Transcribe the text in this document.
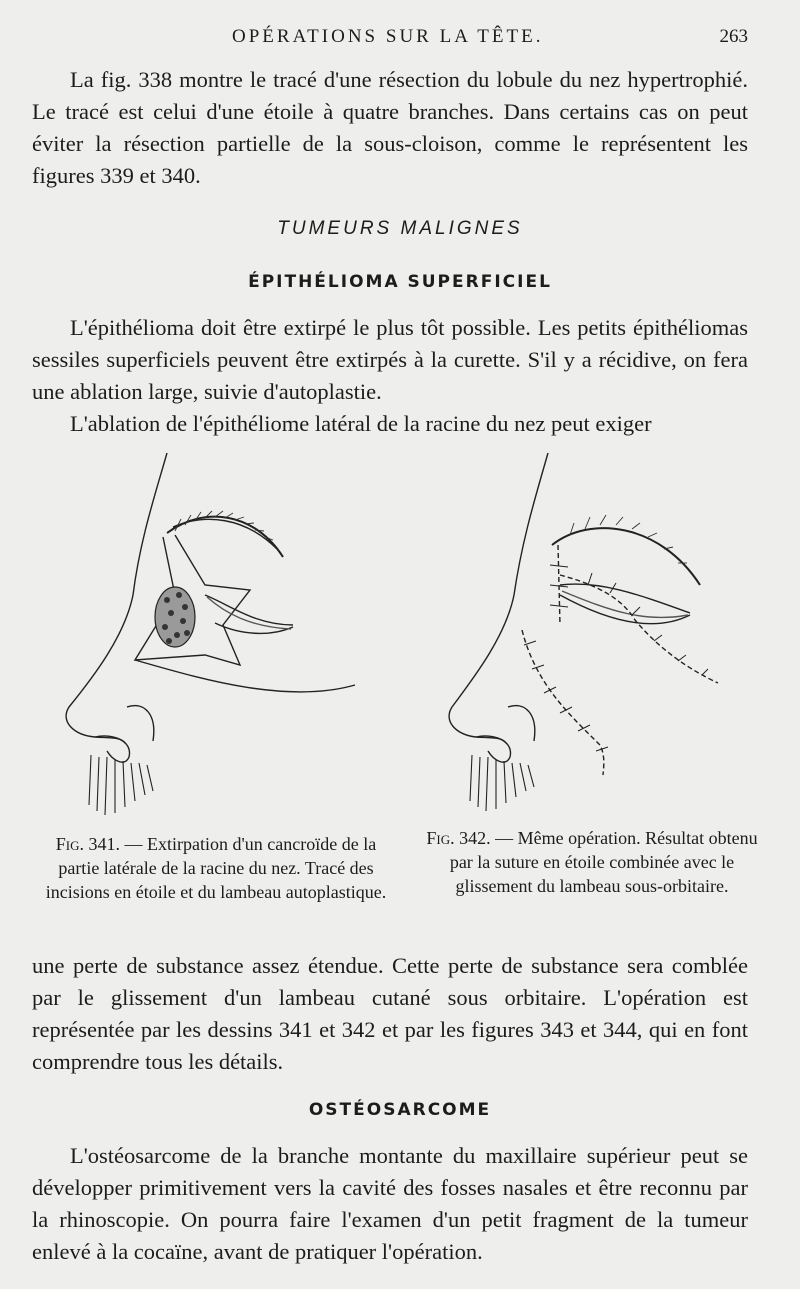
OPÉRATIONS SUR LA TÊTE.	263

La fig. 338 montre le tracé d'une résection du lobule du nez hypertrophié. Le tracé est celui d'une étoile à quatre branches. Dans certains cas on peut éviter la résection partielle de la sous-cloison, comme le représentent les figures 339 et 340.

TUMEURS MALIGNES
ÉPITHÉLIOMA SUPERFICIEL

L'épithélioma doit être extirpé le plus tôt possible. Les petits épithéliomas sessiles superficiels peuvent être extirpés à la curette. S'il y a récidive, on fera une ablation large, suivie d'autoplastie.

L'ablation de l'épithéliome latéral de la racine du nez peut exiger

Fig. 341. — Extirpation d'un cancroïde de la partie latérale de la racine du nez. Tracé des incisions en étoile et du lambeau autoplastique.
Fig. 342. — Même opération. Résultat obtenu par la suture en étoile combinée avec le glissement du lambeau sous-orbitaire.

une perte de substance assez étendue. Cette perte de substance sera comblée par le glissement d'un lambeau cutané sous orbitaire. L'opération est représentée par les dessins 341 et 342 et par les figures 343 et 344, qui en font comprendre tous les détails.

OSTÉOSARCOME

L'ostéosarcome de la branche montante du maxillaire supérieur peut se développer primitivement vers la cavité des fosses nasales et être reconnu par la rhinoscopie. On pourra faire l'examen d'un petit fragment de la tumeur enlevé à la cocaïne, avant de pratiquer l'opération.
